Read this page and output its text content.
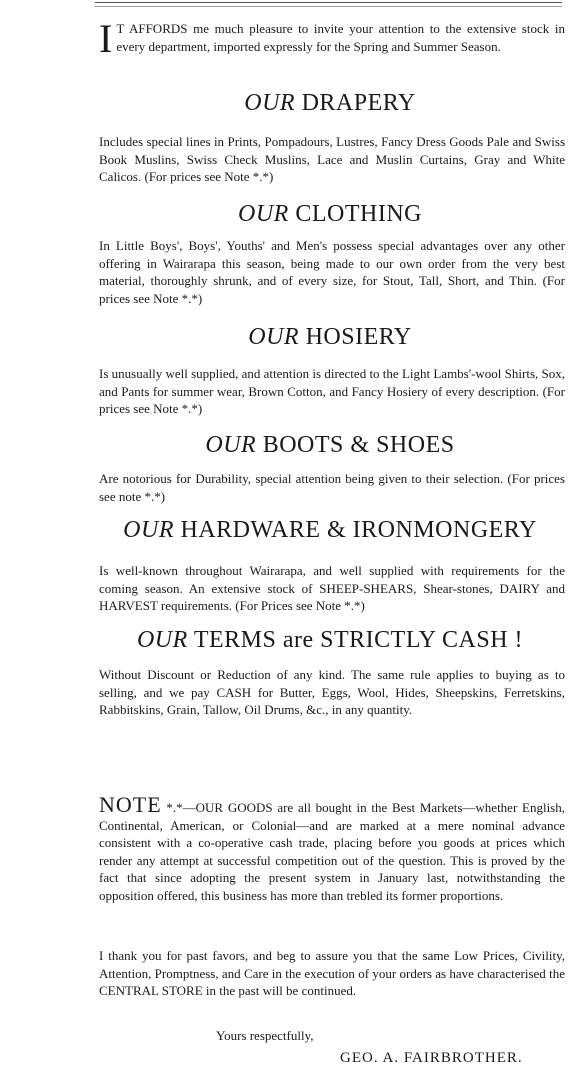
I T AFFORDS me much pleasure to invite your attention to the extensive stock in every department, imported expressly for the Spring and Summer Season.

OUR DRAPERY

Includes special lines in Prints, Pompadours, Lustres, Fancy Dress Goods Pale and Swiss Book Muslins, Swiss Check Muslins, Lace and Muslin Curtains, Gray and White Calicos. (For prices see Note *.*)

OUR CLOTHING

In Little Boys', Boys', Youths' and Men's possess special advantages over any other offering in Wairarapa this season, being made to our own order from the very best material, thoroughly shrunk, and of every size, for Stout, Tall, Short, and Thin. (For prices see Note *.*)

OUR HOSIERY

Is unusually well supplied, and attention is directed to the Light Lambs'-wool Shirts, Sox, and Pants for summer wear, Brown Cotton, and Fancy Hosiery of every description. (For prices see Note *.*)

OUR BOOTS & SHOES

Are notorious for Durability, special attention being given to their selection. (For prices see note *.*)

OUR HARDWARE & IRONMONGERY

Is well-known throughout Wairarapa, and well supplied with requirements for the coming season. An extensive stock of SHEEP-SHEARS, Shear-stones, DAIRY and HARVEST requirements. (For Prices see Note *.*)

OUR TERMS are STRICTLY CASH !

Without Discount or Reduction of any kind. The same rule applies to buying as to selling, and we pay CASH for Butter, Eggs, Wool, Hides, Sheepskins, Ferretskins, Rabbitskins, Grain, Tallow, Oil Drums, &c., in any quantity.

NOTE *.*—OUR GOODS are all bought in the Best Markets—whether English, Continental, American, or Colonial—and are marked at a mere nominal advance consistent with a co-operative cash trade, placing before you goods at prices which render any attempt at successful competition out of the question. This is proved by the fact that since adopting the present system in January last, notwithstanding the opposition offered, this business has more than trebled its former proportions.

I thank you for past favors, and beg to assure you that the same Low Prices, Civility, Attention, Promptness, and Care in the execution of your orders as have characterised the CENTRAL STORE in the past will be continued.

Yours respectfully,
GEO. A. FAIRBROTHER.
